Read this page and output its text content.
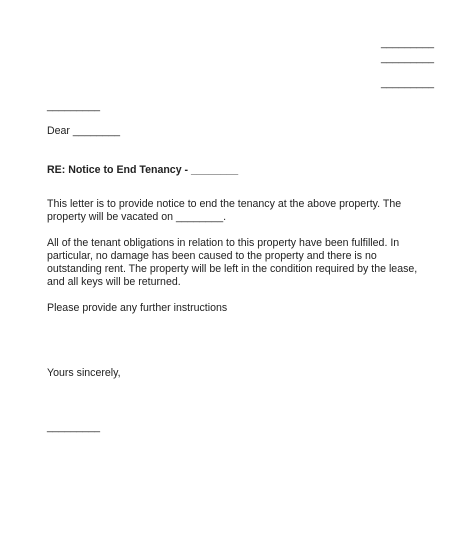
_________

_________

_________

_________

Dear ________

RE: Notice to End Tenancy - ________

This letter is to provide notice to end the tenancy at the above property. The property will be vacated on ________.

All of the tenant obligations in relation to this property have been fulfilled. In particular, no damage has been caused to the property and there is no outstanding rent. The property will be left in the condition required by the lease, and all keys will be returned.

Please provide any further instructions

Yours sincerely,

_________
